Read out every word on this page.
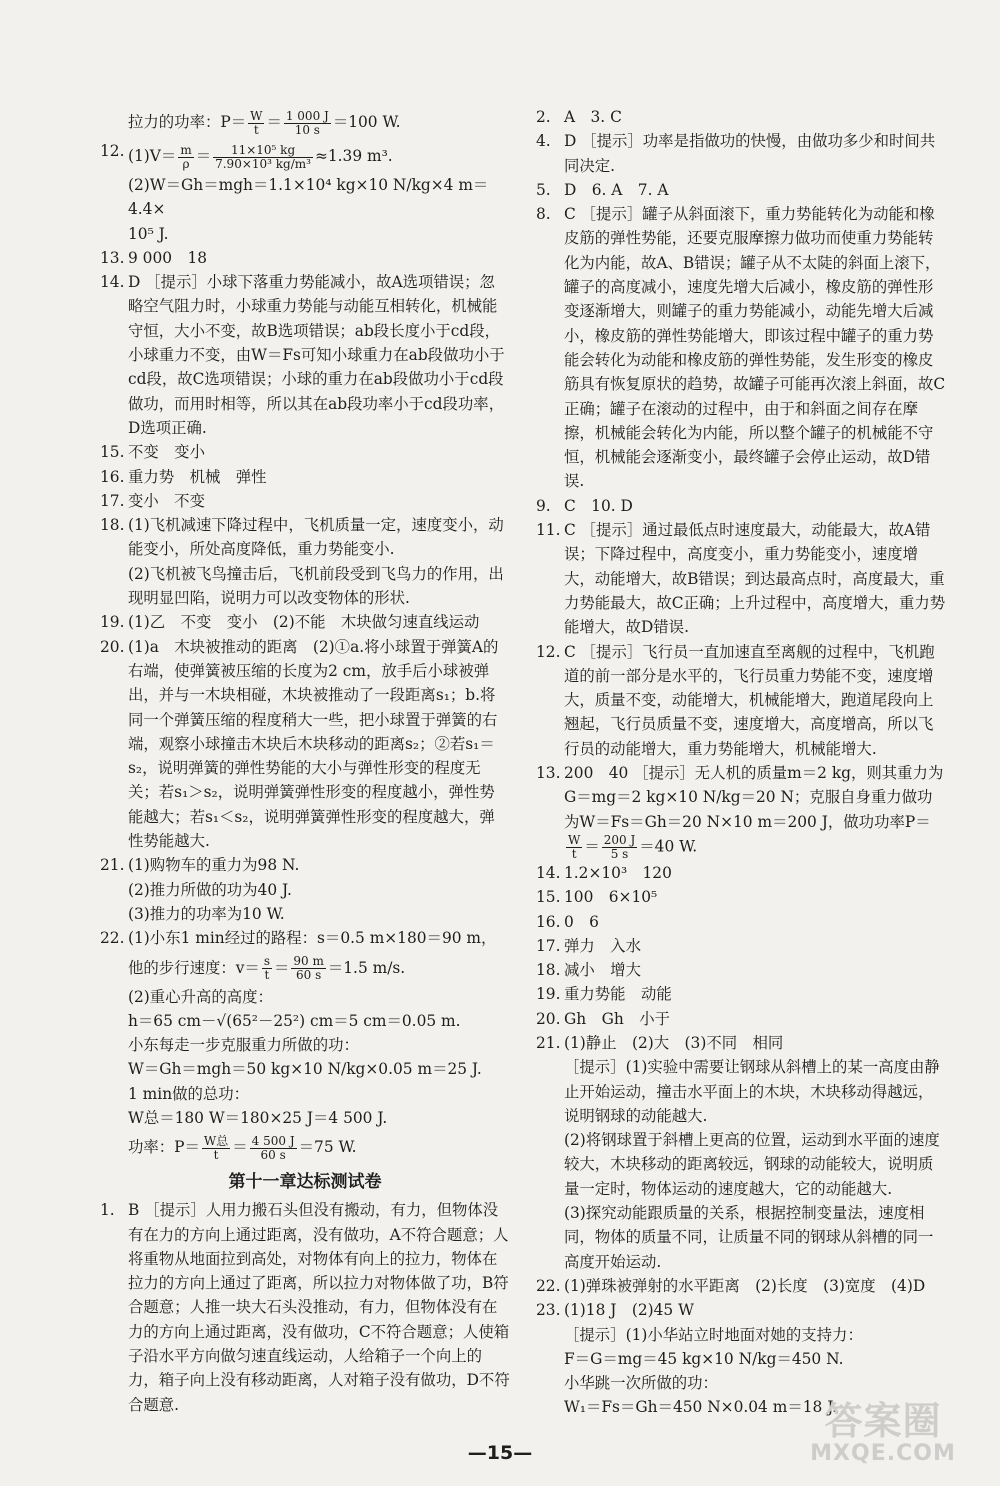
拉力的功率：$P= \frac{W}{t} = \frac{1 000 J}{10 s} =100$ W.
12. $(1)V= \frac{m}{\rho} = \frac{\text{11×10⁵ kg}}{\text{7.90×10³ kg/m³}} \approx 1.39$ m³.
(2)W＝Gh＝mgh＝1.1×10⁴ kg×10 N/kg×4 m＝4.4×
10⁵ J.
13. 9 000　18
14. D ［提示］小球下落重力势能减小，故A选项错误；忽略空气阻力时，小球重力势能与动能互相转化，机械能守恒，大小不变，故B选项错误；ab段长度小于cd段，小球重力不变，由W＝Fs可知小球重力在ab段做功小于cd段，故C选项错误；小球的重力在ab段做功小于cd段做功，而用时相等，所以其在ab段功率小于cd段功率，D选项正确.
15. 不变　变小
16. 重力势　机械　弹性
17. 变小　不变
18. (1)飞机减速下降过程中，飞机质量一定，速度变小，动能变小，所处高度降低，重力势能变小.
(2)飞机被飞鸟撞击后，飞机前段受到飞鸟力的作用，出现明显凹陷，说明力可以改变物体的形状.
19. (1)乙　不变　变小　(2)不能　木块做匀速直线运动
20. (1)a　木块被推动的距离　(2)①a.将小球置于弹簧A的右端，使弹簧被压缩的长度为2 cm，放手后小球被弹出，并与一木块相碰，木块被推动了一段距离s₁；b.将同一个弹簧压缩的程度稍大一些，把小球置于弹簧的右端，观察小球撞击木块后木块移动的距离s₂；②若s₁＝s₂，说明弹簧的弹性势能的大小与弹性形变的程度无关；若s₁＞s₂，说明弹簧弹性形变的程度越小，弹性势能越大；若s₁＜s₂，说明弹簧弹性形变的程度越大，弹性势能越大.
21. (1)购物车的重力为98 N.
(2)推力所做的功为40 J.
(3)推力的功率为10 W.
22. (1)小东1 min经过的路程：s＝0.5 m×180＝90 m，
他的步行速度：$v= \frac{s}{t} = \frac{90 m}{60 s} =1.5$ m/s.
(2)重心升高的高度：
h＝65 cm－√(65²－25²) cm＝5 cm＝0.05 m.
小东每走一步克服重力所做的功：
W＝Gh＝mgh＝50 kg×10 N/kg×0.05 m＝25 J.
1 min做的总功：
W总＝180 W＝180×25 J＝4 500 J.
功率：$P= \frac{\text{W总}}{t} = \frac{4 500 J}{60 s} =75$ W.
第十一章达标测试卷
1. B ［提示］人用力搬石头但没有搬动，有力，但物体没有在力的方向上通过距离，没有做功，A不符合题意；人将重物从地面拉到高处，对物体有向上的拉力，物体在拉力的方向上通过了距离，所以拉力对物体做了功，B符合题意；人推一块大石头没推动，有力，但物体没有在力的方向上通过距离，没有做功，C不符合题意；人使箱子沿水平方向做匀速直线运动，人给箱子一个向上的力，箱子向上没有移动距离，人对箱子没有做功，D不符合题意.
2. A　3. C
4. D ［提示］功率是指做功的快慢，由做功多少和时间共同决定.
5. D　6. A　7. A
8. C ［提示］罐子从斜面滚下，重力势能转化为动能和橡皮筋的弹性势能，还要克服摩擦力做功而使重力势能转化为内能，故A、B错误；罐子从不太陡的斜面上滚下，罐子的高度减小，速度先增大后减小，橡皮筋的弹性形变逐渐增大，则罐子的重力势能减小，动能先增大后减小，橡皮筋的弹性势能增大，即该过程中罐子的重力势能会转化为动能和橡皮筋的弹性势能，发生形变的橡皮筋具有恢复原状的趋势，故罐子可能再次滚上斜面，故C正确；罐子在滚动的过程中，由于和斜面之间存在摩擦，机械能会转化为内能，所以整个罐子的机械能不守恒，机械能会逐渐变小，最终罐子会停止运动，故D错误.
9. C　10. D
11. C ［提示］通过最低点时速度最大，动能最大，故A错误；下降过程中，高度变小，重力势能变小，速度增大，动能增大，故B错误；到达最高点时，高度最大，重力势能最大，故C正确；上升过程中，高度增大，重力势能增大，故D错误.
12. C ［提示］飞行员一直加速直至离舰的过程中，飞机跑道的前一部分是水平的，飞行员重力势能不变，速度增大，质量不变，动能增大，机械能增大，跑道尾段向上翘起，飞行员质量不变，速度增大，高度增高，所以飞行员的动能增大，重力势能增大，机械能增大.
13. 200　40 ［提示］无人机的质量m＝2 kg，则其重力为G＝mg＝2 kg×10 N/kg＝20 N；克服自身重力做功为W＝Fs＝Gh＝20 N×10 m＝200 J，做功功率P＝
$\frac{W}{t} = \frac{200 J}{5 s} =40$ W.
14. 1.2×10³　120
15. 100　6×10⁵
16. 0　6
17. 弹力　入水
18. 减小　增大
19. 重力势能　动能
20. Gh　Gh　小于
21. (1)静止　(2)大　(3)不同　相同
［提示］(1)实验中需要让钢球从斜槽上的某一高度由静止开始运动，撞击水平面上的木块，木块移动得越远，说明钢球的动能越大.
(2)将钢球置于斜槽上更高的位置，运动到水平面的速度较大，木块移动的距离较远，钢球的动能较大，说明质量一定时，物体运动的速度越大，它的动能越大.
(3)探究动能跟质量的关系，根据控制变量法，速度相同，物体的质量不同，让质量不同的钢球从斜槽的同一高度开始运动.
22. (1)弹珠被弹射的水平距离　(2)长度　(3)宽度　(4)D
23. (1)18 J　(2)45 W
［提示］(1)小华站立时地面对她的支持力：
F＝G＝mg＝45 kg×10 N/kg＝450 N.
小华跳一次所做的功：
W₁＝Fs＝Gh＝450 N×0.04 m＝18 J.
—15—
答案圈
MXQE.COM
